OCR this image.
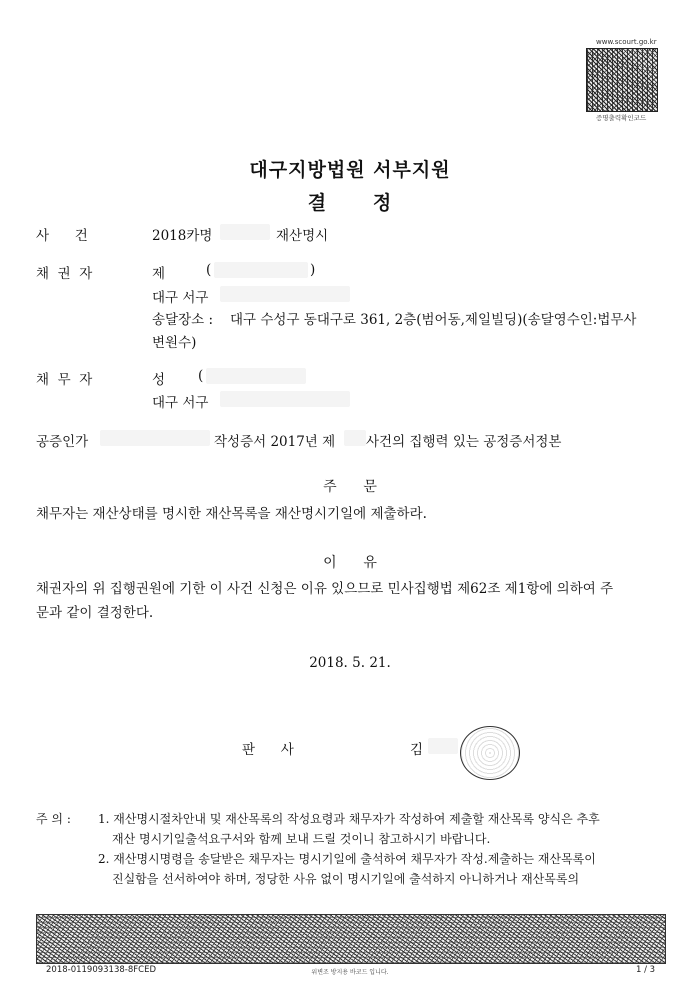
www.scourt.go.kr
증명출력확인코드
대구지방법원 서부지원
결      정
사      건	2018카명	재산명시
채  권  자	제	(	)
대구 서구
송달장소 : 대구 수성구 동대구로 361, 2층(범어동,제일빌딩)(송달영수인:법무사
변원수)
채  무  자	성 (
대구 서구
공증인가	작성증서 2017년 제 사건의 집행력 있는 공정증서정본
주      문
채무자는 재산상태를 명시한 재산목록을 재산명시기일에 제출하라.
이      유
채권자의 위 집행권원에 기한 이 사건 신청은 이유 있으므로 민사집행법 제62조 제1항에 의하여 주
문과 같이 결정한다.
2018. 5. 21.
판      사	김
주 의 : 1. 재산명시절차안내 및 재산목록의 작성요령과 채무자가 작성하여 제출할 재산목록 양식은 추후
재산 명시기일출석요구서와 함께 보내 드릴 것이니 참고하시기 바랍니다.
2. 재산명시명령을 송달받은 채무자는 명시기일에 출석하여 채무자가 작성.제출하는 재산목록이
진실함을 선서하여야 하며, 정당한 사유 없이 명시기일에 출석하지 아니하거나 재산목록의
2018-0119093138-8FCED	위변조 방지용 바코드 입니다.	1 / 3
